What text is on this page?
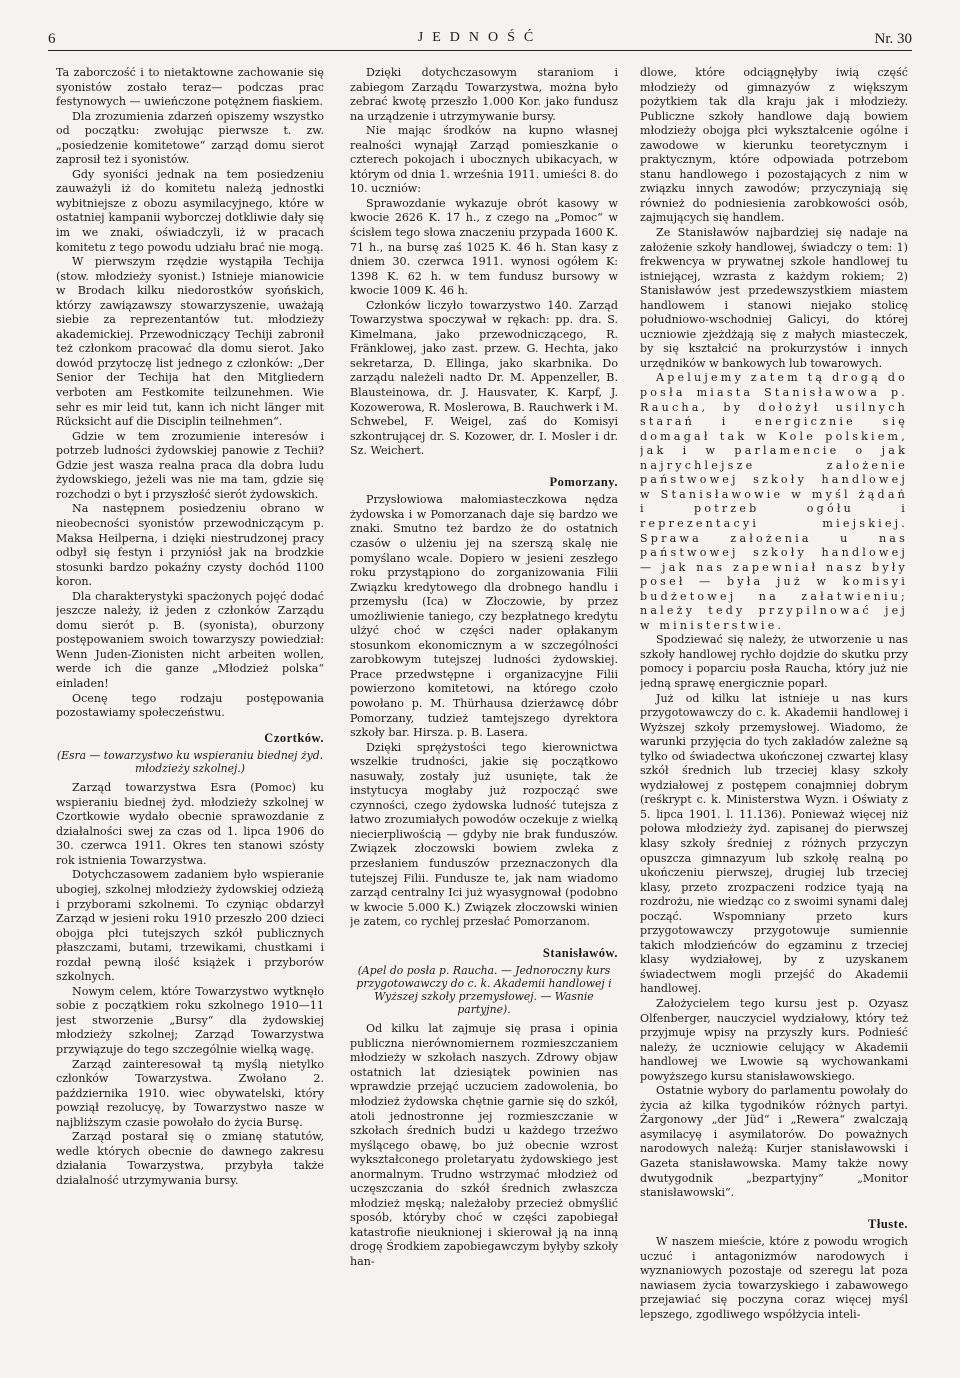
6	JEDNOŚĆ	Nr. 30

Ta zaborczość i to nietaktowne zachowanie się syonistów zostało teraz— podczas prac festynowych — uwieńczone potężnem fiaskiem.

Dla zrozumienia zdarzeń opiszemy wszystko od początku: zwołując pierwsze t. zw. „posiedzenie komitetowe“ zarząd domu sierot zaprosił też i syonistów.

Gdy syoniści jednak na tem posiedzeniu zauważyli iż do komitetu należą jednostki wybitniejsze z obozu asymilacyjnego, które w ostatniej kampanii wyborczej dotkliwie dały się im we znaki, oświadczyli, iż w pracach komitetu z tego powodu udziału brać nie mogą.

W pierwszym rzędzie wystąpiła Techija (stow. młodzieży syonist.) Istnieje mianowicie w Brodach kilku niedorostków syońskich, którzy zawiązawszy stowarzyszenie, uważają siebie za reprezentantów tut. młodzieży akademickiej. Przewodniczący Techiji zabronił też członkom pracować dla domu sierot. Jako dowód przytoczę list jednego z członków: „Der Senior der Techija hat den Mitgliedern verboten am Festkomite teilzunehmen. Wie sehr es mir leid tut, kann ich nicht länger mit Rücksicht auf die Disciplin teilnehmen“.

Gdzie w tem zrozumienie interesów i potrzeb ludności żydowskiej panowie z Techii? Gdzie jest wasza realna praca dla dobra ludu żydowskiego, jeżeli was nie ma tam, gdzie się rozchodzi o byt i przyszłość sierót żydowskich.

Na następnem posiedzeniu obrano w nieobecności syonistów przewodniczącym p. Maksa Heilperna, i dzięki niestrudzonej pracy odbył się festyn i przyniósł jak na brodzkie stosunki bardzo pokaźny czysty dochód 1100 koron.

Dla charakterystyki spacżonych pojęć dodać jeszcze należy, iż jeden z członków Zarządu domu sierót p. B. (syonista), oburzony postępowaniem swoich towarzyszy powiedział: Wenn Juden-Zionisten nicht arbeiten wollen, werde ich die ganze „Młodzież polska“ einladen!

Ocenę tego rodzaju postępowania pozostawiamy społeczeństwu.

Czortków.
(Esra — towarzystwo ku wspieraniu biednej żyd. młodzieży szkolnej.)

Zarząd towarzystwa Esra (Pomoc) ku wspieraniu biednej żyd. młodzieży szkolnej w Czortkowie wydało obecnie sprawozdanie z działalności swej za czas od 1. lipca 1906 do 30. czerwca 1911. Okres ten stanowi szósty rok istnienia Towarzystwa.

Dotychczasowem zadaniem było wspieranie ubogiej, szkolnej młodzieży żydowskiej odzieżą i przyborami szkolnemi. To czyniąc obdarzył Zarząd w jesieni roku 1910 przeszło 200 dzieci obojga płci tutejszych szkół publicznych płaszczami, butami, trzewikami, chustkami i rozdał pewną ilość książek i przyborów szkolnych.

Nowym celem, które Towarzystwo wytknęło sobie z początkiem roku szkolnego 1910—11 jest stworzenie „Bursy“ dla żydowskiej młodzieży szkolnej; Zarząd Towarzystwa przywiązuje do tego szczególnie wielką wagę.

Zarząd zainteresował tą myślą nietylko członków Towarzystwa. Zwołano 2. października 1910. wiec obywatelski, który powziął rezolucyę, by Towarzystwo nasze w najbliższym czasie powołało do życia Bursę.

Zarząd postarał się o zmianę statutów, wedle których obecnie do dawnego zakresu działania Towarzystwa, przybyła także działalność utrzymywania bursy.

Dzięki dotychczasowym staraniom i zabiegom Zarządu Towarzystwa, można było zebrać kwotę przeszło 1.000 Kor. jako fundusz na urządzenie i utrzymywanie bursy.

Nie mając środków na kupno własnej realności wynajął Zarząd pomieszkanie o czterech pokojach i ubocznych ubikacyach, w którym od dnia 1. września 1911. umieści 8. do 10. uczniów:

Sprawozdanie wykazuje obrót kasowy w kwocie 2626 K. 17 h., z czego na „Pomoc“ w ścisłem tego słowa znaczeniu przypada 1600 K. 71 h., na bursę zaś 1025 K. 46 h. Stan kasy z dniem 30. czerwca 1911. wynosi ogółem K: 1398 K. 62 h. w tem fundusz bursowy w kwocie 1009 K. 46 h.

Członków liczyło towarzystwo 140. Zarząd Towarzystwa spoczywał w rękach: pp. dra. S. Kimelmana, jako przewodniczącego, R. Fränklowej, jako zast. przew. G. Hechta, jako sekretarza, D. Ellinga, jako skarbnika. Do zarządu należeli nadto Dr. M. Appenzeller, B. Blausteinowa, dr. J. Hausvater, K. Karpf, J. Kozowerowa, R. Moslerowa, B. Rauchwerk i M. Schwebel, F. Weigel, zaś do Komisyi szkontrującej dr. S. Kozower, dr. I. Mosler i dr. Sz. Weichert.

Pomorzany.

Przysłowiowa małomiasteczkowa nędza żydowska i w Pomorzanach daje się bardzo we znaki. Smutno też bardzo że do ostatnich czasów o ulżeniu jej na szerszą skalę nie pomyślano wcale. Dopiero w jesieni zeszłego roku przystąpiono do zorganizowania Filii Związku kredytowego dla drobnego handlu i przemysłu (Ica) w Złoczowie, by przez umożliwienie taniego, czy bezpłatnego kredytu ulżyć choć w części nader opłakanym stosunkom ekonomicznym a w szczególności zarobkowym tutejszej ludności żydowskiej. Prace przedwstępne i organizacyjne Filii powierzono komitetowi, na którego czoło powołano p. M. Thürhausa dzierżawcę dóbr Pomorzany, tudzież tamtejszego dyrektora szkoły bar. Hirsza. p. B. Lasera.

Dzięki sprężystości tego kierownictwa wszelkie trudności, jakie się początkowo nasuwały, zostały już usunięte, tak że instytucya mogłaby już rozpocząć swe czynności, czego żydowska ludność tutejsza z łatwo zrozumiałych powodów oczekuje z wielką niecierpliwością — gdyby nie brak funduszów. Związek złoczowski bowiem zwleka z przesłaniem funduszów przeznaczonych dla tutejszej Filii. Fundusze te, jak nam wiadomo zarząd centralny Ici już wyasygnował (podobno w kwocie 5.000 K.) Związek złoczowski winien je zatem, co rychlej przesłać Pomorzanom.

Stanisławów.
(Apel do posła p. Raucha. — Jednoroczny kurs przygotowawczy do c. k. Akademii handlowej i Wyższej szkoły przemysłowej. — Wasnie partyjne).

Od kilku lat zajmuje się prasa i opinia publiczna nierównomiernem rozmieszczaniem młodzieży w szkołach naszych. Zdrowy objaw ostatnich lat dziesiątek powinien nas wprawdzie przejąć uczuciem zadowolenia, bo młodzież żydowska chętnie garnie się do szkół, atoli jednostronne jej rozmieszczanie w szkołach średnich budzi u każdego trzeźwo myślącego obawę, bo już obecnie wzrost wykształconego proletaryatu żydowskiego jest anormalnym. Trudno wstrzymać młodzież od uczęszczania do szkół średnich zwłaszcza młodzież męską; należałoby przecież obmyślić sposób, któryby choć w części zapobiegał katastrofie nieuknionej i skierował ją na inną drogę Środkiem zapobiegawczym byłyby szkoły han-

dlowe, które odciągnęłyby iwią część młodzieży od gimnazyów z większym pożytkiem tak dla kraju jak i młodzieży. Publiczne szkoły handlowe dają bowiem młodzieży obojga płci wykształcenie ogólne i zawodowe w kierunku teoretycznym i praktycznym, które odpowiada potrzebom stanu handlowego i pozostających z nim w związku innych zawodów; przyczyniają się również do podniesienia zarobkowości osób, zajmujących się handlem.

Ze Stanisławów najbardziej się nadaje na założenie szkoły handlowej, świadczy o tem: 1) frekwencya w prywatnej szkole handlowej tu istniejącej, wzrasta z każdym rokiem; 2) Stanisławów jest przedewszystkiem miastem handlowem i stanowi niejako stolicę południowo-wschodniej Galicyi, do której uczniowie zjeżdżają się z małych miasteczek, by się kształcić na prokurzystów i innych urzędników w bankowych lub towarowych.

Apelujemy zatem tą drogą do posła miasta Stanisławowa p. Raucha, by dołożył usilnych starań i energicznie się domagał tak w Kole polskiem, jak i w parlamencie o jak najrychlejsze założenie państwowej szkoły handlowej w Stanisławowie w myśl żądań i potrzeb ogółu i reprezentacyi miejskiej. Sprawa założenia u nas państwowej szkoły handlowej — jak nas zapewniał nasz były poseł — była już w komisyi budżetowej na załatwieniu; należy tedy przypilnować jej w ministerstwie.

Spodziewać się należy, że utworzenie u nas szkoły handlowej rychło dojdzie do skutku przy pomocy i poparciu posła Raucha, który już nie jedną sprawę energicznie poparł.

Już od kilku lat istnieje u nas kurs przygotowawczy do c. k. Akademii handlowej i Wyższej szkoły przemysłowej. Wiadomo, że warunki przyjęcia do tych zakładów zależne są tylko od świadectwa ukończonej czwartej klasy szkół średnich lub trzeciej klasy szkoły wydziałowej z postępem conajmniej dobrym (reśkrypt c. k. Ministerstwa Wyzn. i Oświaty z 5. lipca 1901. l. 11.136). Ponieważ więcej niż połowa młodzieży żyd. zapisanej do pierwszej klasy szkoły średniej z różnych przyczyn opuszcza gimnazyum lub szkołę realną po ukończeniu pierwszej, drugiej lub trzeciej klasy, przeto zrozpaczeni rodzice tyają na rozdrożu, nie wiedząc co z swoimi synami dalej począć. Wspomniany przeto kurs przygotowawczy przygotowuje sumiennie takich młodzieńców do egzaminu z trzeciej klasy wydziałowej, by z uzyskanem świadectwem mogli przejść do Akademii handlowej.

Założycielem tego kursu jest p. Ozyasz Olfenberger, nauczyciel wydziałowy, który też przyjmuje wpisy na przyszły kurs. Podnieść należy, że uczniowie celujący w Akademii handlowej we Lwowie są wychowankami powyższego kursu stanisławowskiego.

Ostatnie wybory do parlamentu powołały do życia aż kilka tygodników różnych partyi. Żargonowy „der Jüd“ i „Rewera“ zwalczają asymilacyę i asymilatorów. Do poważnych narodowych należą: Kurjer stanisławowski i Gazeta stanisławowska. Mamy także nowy dwutygodnik „bezpartyjny“ „Monitor stanisławowski“.

Tłuste.

W naszem mieście, które z powodu wrogich uczuć i antagonizmów narodowych i wyznaniowych pozostaje od szeregu lat poza nawiasem życia towarzyskiego i zabawowego przejawiać się poczyna coraz więcej myśl lepszego, zgodliwego współżycia inteli-
